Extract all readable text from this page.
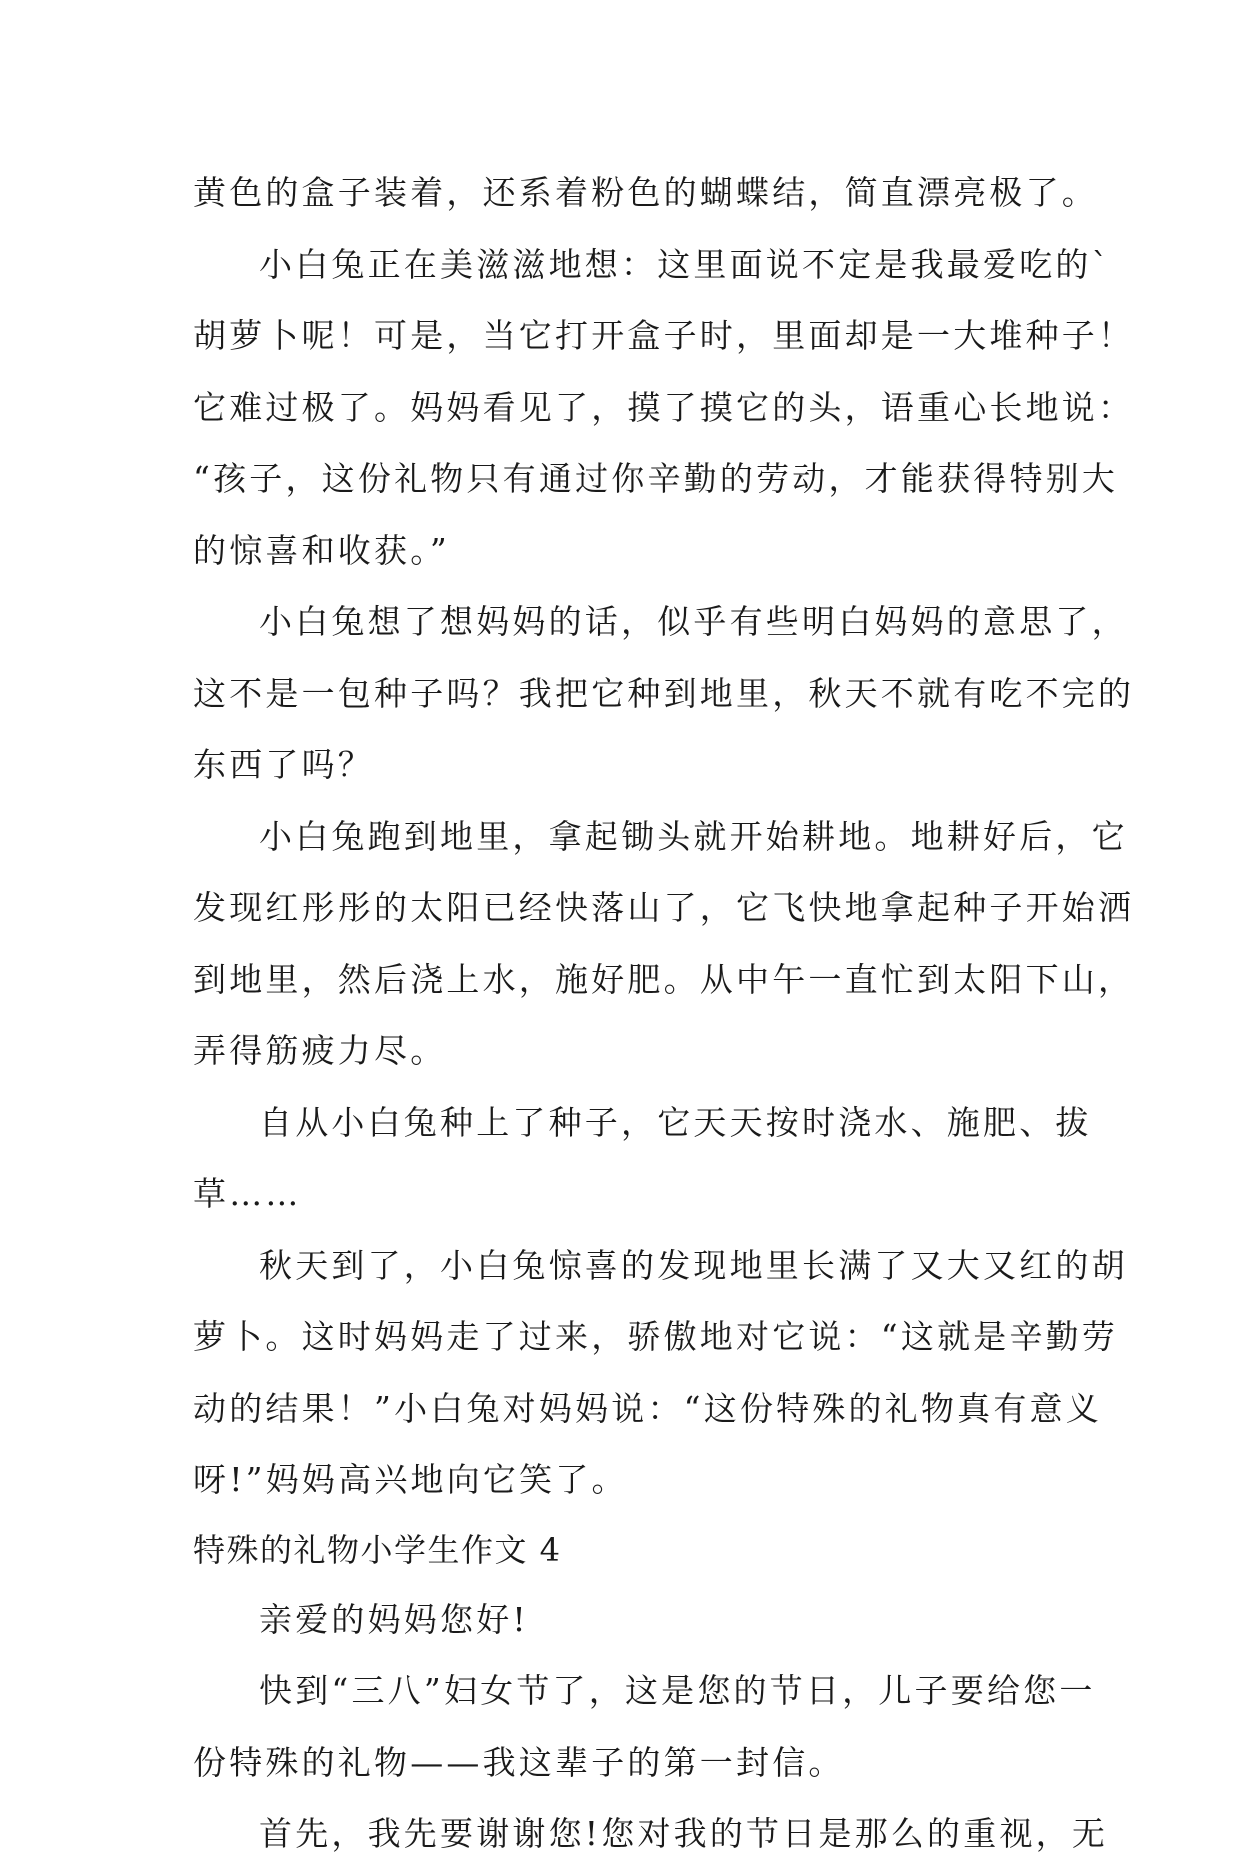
黄色的盒子装着，还系着粉色的蝴蝶结，简直漂亮极了。
小白兔正在美滋滋地想：这里面说不定是我最爱吃的`
胡萝卜呢！可是，当它打开盒子时，里面却是一大堆种子！
它难过极了。妈妈看见了，摸了摸它的头，语重心长地说：
“孩子，这份礼物只有通过你辛勤的劳动，才能获得特别大
的惊喜和收获。”
小白兔想了想妈妈的话，似乎有些明白妈妈的意思了，
这不是一包种子吗？我把它种到地里，秋天不就有吃不完的
东西了吗？
小白兔跑到地里，拿起锄头就开始耕地。地耕好后，它
发现红彤彤的太阳已经快落山了，它飞快地拿起种子开始洒
到地里，然后浇上水，施好肥。从中午一直忙到太阳下山，
弄得筋疲力尽。
自从小白兔种上了种子，它天天按时浇水、施肥、拔
草……
秋天到了，小白兔惊喜的发现地里长满了又大又红的胡
萝卜。这时妈妈走了过来，骄傲地对它说：“这就是辛勤劳
动的结果！”小白兔对妈妈说：“这份特殊的礼物真有意义
呀!”妈妈高兴地向它笑了。
特殊的礼物小学生作文 4
亲爱的妈妈您好!
快到“三八”妇女节了，这是您的节日，儿子要给您一
份特殊的礼物——我这辈子的第一封信。
首先，我先要谢谢您!您对我的节日是那么的重视，无
